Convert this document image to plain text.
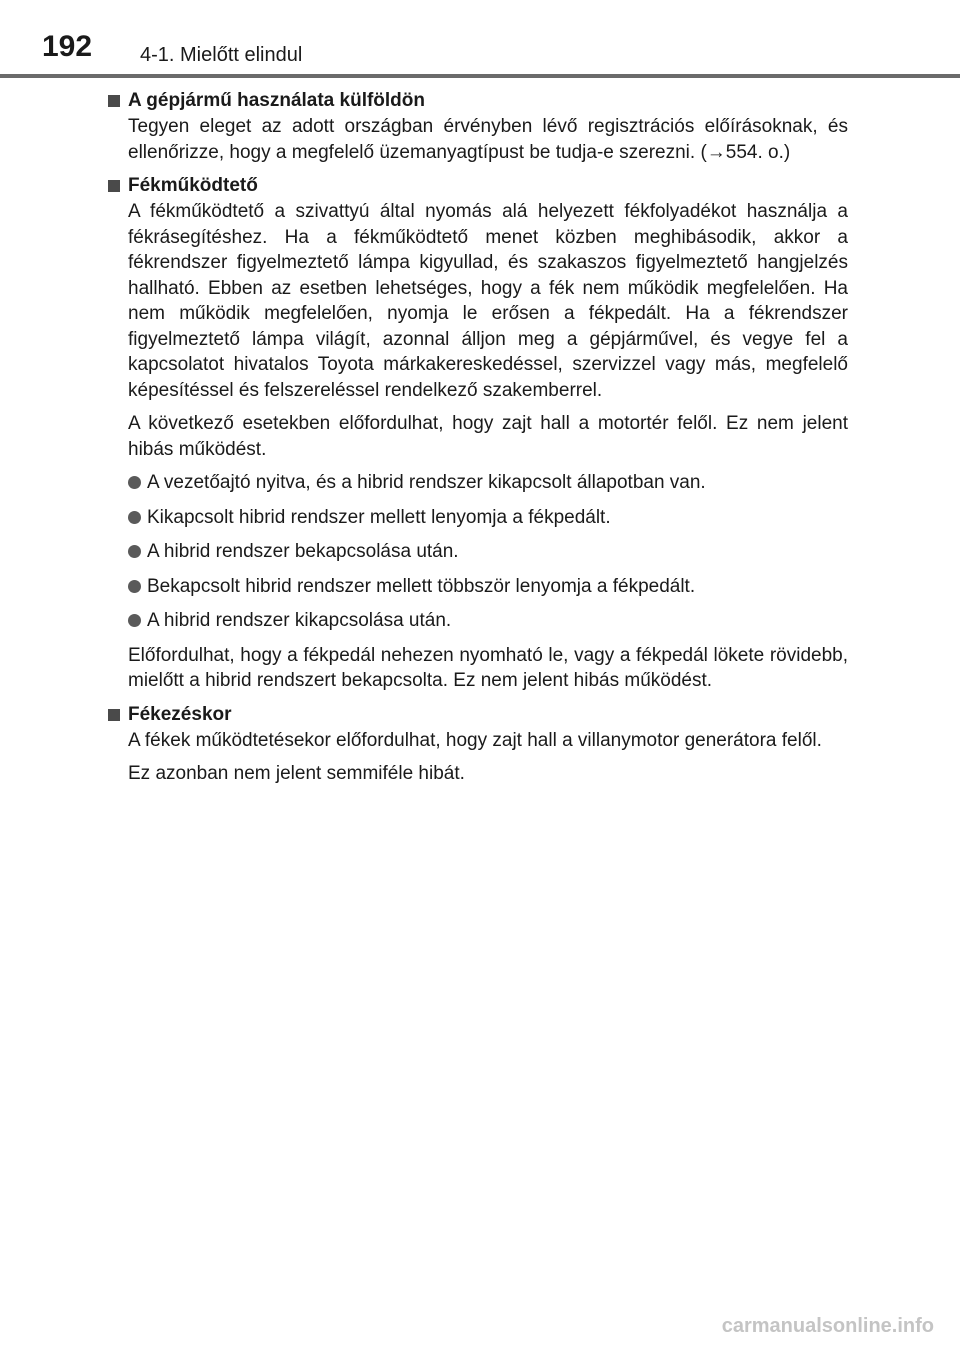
192 4-1. Mielőtt elindul
A gépjármű használata külföldön

Tegyen eleget az adott országban érvényben lévő regisztrációs előírásoknak, és ellenőrizze, hogy a megfelelő üzemanyagtípust be tudja-e szerezni. (→554. o.)

Fékműködtető

A fékműködtető a szivattyú által nyomás alá helyezett fékfolyadékot használja a fékrásegítéshez. Ha a fékműködtető menet közben meghibásodik, akkor a fékrendszer figyelmeztető lámpa kigyullad, és szakaszos figyelmeztető hangjelzés hallható. Ebben az esetben lehetséges, hogy a fék nem működik megfelelően. Ha nem működik megfelelően, nyomja le erősen a fékpedált. Ha a fékrendszer figyelmeztető lámpa világít, azonnal álljon meg a gépjárművel, és vegye fel a kapcsolatot hivatalos Toyota márkakereskedéssel, szervizzel vagy más, megfelelő képesítéssel és felszereléssel rendelkező szakemberrel.

A következő esetekben előfordulhat, hogy zajt hall a motortér felől. Ez nem jelent hibás működést.

A vezetőajtó nyitva, és a hibrid rendszer kikapcsolt állapotban van.
Kikapcsolt hibrid rendszer mellett lenyomja a fékpedált.
A hibrid rendszer bekapcsolása után.
Bekapcsolt hibrid rendszer mellett többször lenyomja a fékpedált.
A hibrid rendszer kikapcsolása után.

Előfordulhat, hogy a fékpedál nehezen nyomható le, vagy a fékpedál lökete rövidebb, mielőtt a hibrid rendszert bekapcsolta. Ez nem jelent hibás működést.

Fékezéskor

A fékek működtetésekor előfordulhat, hogy zajt hall a villanymotor generátora felől.

Ez azonban nem jelent semmiféle hibát.

carmanualsonline.info
